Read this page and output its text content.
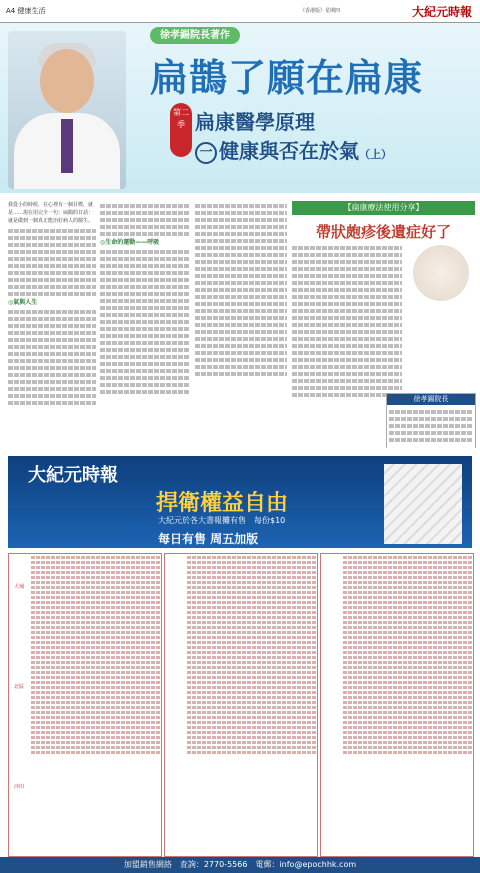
A4 健康生活	《香港版》星期四	大紀元時報
徐孝錫院長著作
扁鵲了願在扁康
第二季 扁康醫學原理
一 健康與否在於氣（上）

我從小的時候，在心裡有一個目標，就是……現在用完全一句：扁鵲的日話：就是做到一個真正能治好病人的醫生。

◎氣與人生
◎生命的運動——呼吸
【扁康療法使用分享】
帶狀皰疹後遺症好了
徐孝錫院長
大紀元時報
捍衛權益自由
大紀元於各大書報攤有售　每份$10
每日有售 周五加版
大埔
北區
沙田
加盟銷售網絡　查詢：2770-5566　電郵：info@epochhk.com
